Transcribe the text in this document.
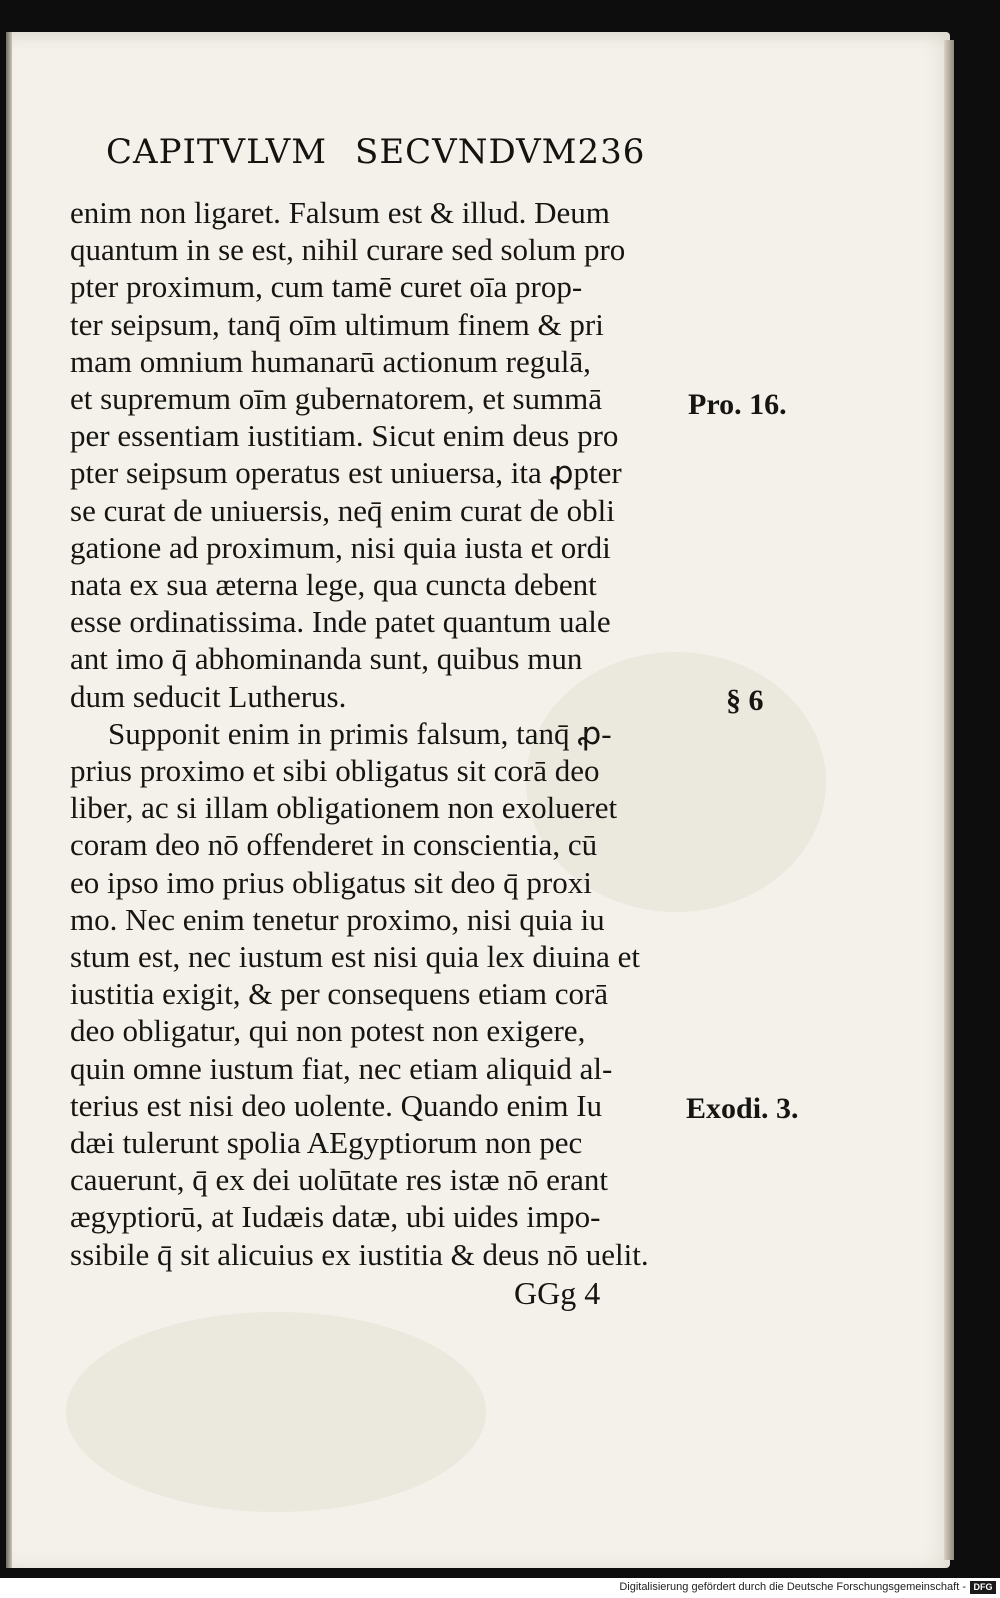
CAPITVLVM SECVNDVM236
enim non ligaret. Falsum est & illud. Deum
quantum in se est, nihil curare sed solum pro
pter proximum, cum tamē curet oīa prop-
ter seipsum, tanq̄ oīm ultimum finem & pri
mam omnium humanarū actionum regulā,
et supremum oīm gubernatorem, et summā
per essentiam iustitiam. Sicut enim deus pro
pter seipsum operatus est uniuersa, ita ꝓpter
se curat de uniuersis, neq̄ enim curat de obli
gatione ad proximum, nisi quia iusta et ordi
nata ex sua æterna lege, qua cuncta debent
esse ordinatissima. Inde patet quantum uale
ant imo q̄ abhominanda sunt, quibus mun
dum seducit Lutherus.
Supponit enim in primis falsum, tanq̄ ꝓ-
prius proximo et sibi obligatus sit corā deo
liber, ac si illam obligationem non exolueret
coram deo nō offenderet in conscientia, cū
eo ipso imo prius obligatus sit deo q̄ proxi
mo. Nec enim tenetur proximo, nisi quia iu
stum est, nec iustum est nisi quia lex diuina et
iustitia exigit, & per consequens etiam corā
deo obligatur, qui non potest non exigere,
quin omne iustum fiat, nec etiam aliquid al-
terius est nisi deo uolente. Quando enim Iu
dæi tulerunt spolia AEgyptiorum non pec
cauerunt, q̄ ex dei uolūtate res istæ nō erant
ægyptiorū, at Iudæis datæ, ubi uides impo-
ssibile q̄ sit alicuius ex iustitia & deus nō uelit.
Pro. 16.
§ 6
Exodi. 3.
GGg 4
Digitalisierung gefördert durch die Deutsche Forschungsgemeinschaft - DFG
